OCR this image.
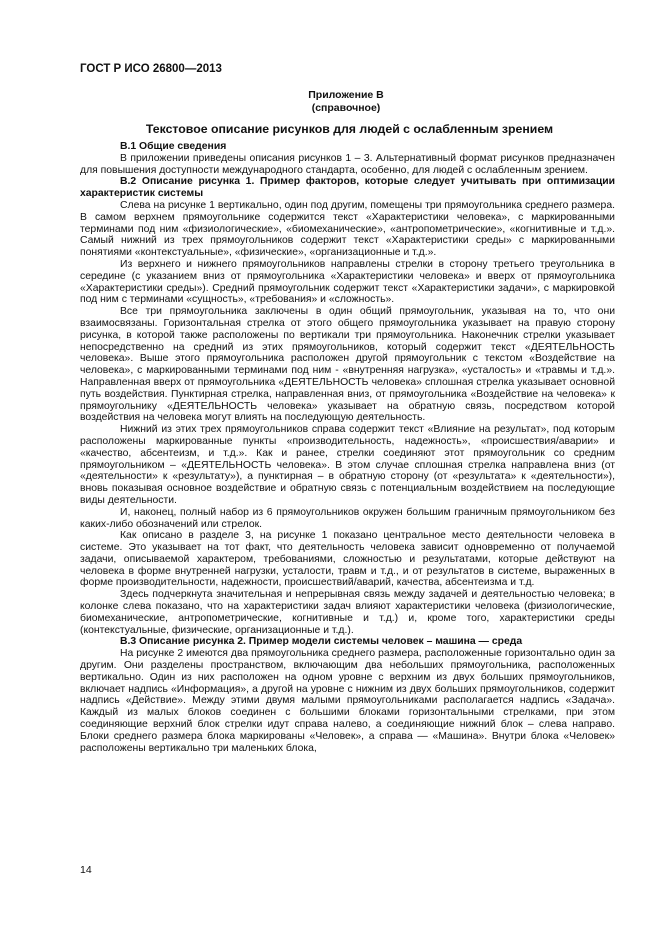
ГОСТ Р ИСО 26800—2013
Приложение В
(справочное)
Текстовое описание рисунков для людей с ослабленным зрением
В.1 Общие сведения

В приложении приведены описания рисунков 1 – 3. Альтернативный формат рисунков предназначен для повышения доступности международного стандарта, особенно, для людей с ослабленным зрением.

В.2 Описание рисунка 1. Пример факторов, которые следует учитывать при оптимизации характеристик системы

Слева на рисунке 1 вертикально, один под другим, помещены три прямоугольника среднего размера. В самом верхнем прямоугольнике содержится текст «Характеристики человека», с маркированными терминами под ним «физиологические», «биомеханические», «антропометрические», «когнитивные и т.д.». Самый нижний из трех прямоугольников содержит текст «Характеристики среды» с маркированными понятиями «контекстуальные», «физические», «организационные и т.д.».

Из верхнего и нижнего прямоугольников направлены стрелки в сторону третьего треугольника в середине (с указанием вниз от прямоугольника «Характеристики человека» и вверх от прямоугольника «Характеристики среды»). Средний прямоугольник содержит текст «Характеристики задачи», с маркировкой под ним с терминами «сущность», «требования» и «сложность».

Все три прямоугольника заключены в один общий прямоугольник, указывая на то, что они взаимосвязаны. Горизонтальная стрелка от этого общего прямоугольника указывает на правую сторону рисунка, в которой также расположены по вертикали три прямоугольника. Наконечник стрелки указывает непосредственно на средний из этих прямоугольников, который содержит текст «ДЕЯТЕЛЬНОСТЬ человека». Выше этого прямоугольника расположен другой прямоугольник с текстом «Воздействие на человека», с маркированными терминами под ним - «внутренняя нагрузка», «усталость» и «травмы и т.д.». Направленная вверх от прямоугольника «ДЕЯТЕЛЬНОСТЬ человека» сплошная стрелка указывает основной путь воздействия. Пунктирная стрелка, направленная вниз, от прямоугольника «Воздействие на человека» к прямоугольнику «ДЕЯТЕЛЬНОСТЬ человека» указывает на обратную связь, посредством которой воздействия на человека могут влиять на последующую деятельность.

Нижний из этих трех прямоугольников справа содержит текст «Влияние на результат», под которым расположены маркированные пункты «производительность, надежность», «происшествия/аварии» и «качество, абсентеизм, и т.д.». Как и ранее, стрелки соединяют этот прямоугольник со средним прямоугольником – «ДЕЯТЕЛЬНОСТЬ человека». В этом случае сплошная стрелка направлена вниз (от «деятельности» к «результату»), а пунктирная – в обратную сторону (от «результата» к «деятельности»), вновь показывая основное воздействие и обратную связь с потенциальным воздействием на последующие виды деятельности.

И, наконец, полный набор из 6 прямоугольников окружен большим граничным прямоугольником без каких-либо обозначений или стрелок.

Как описано в разделе 3, на рисунке 1 показано центральное место деятельности человека в системе. Это указывает на тот факт, что деятельность человека зависит одновременно от получаемой задачи, описываемой характером, требованиями, сложностью и результатами, которые действуют на человека в форме внутренней нагрузки, усталости, травм и т.д., и от результатов в системе, выраженных в форме производительности, надежности, происшествий/аварий, качества, абсентеизма и т.д.

Здесь подчеркнута значительная и непрерывная связь между задачей и деятельностью человека; в колонке слева показано, что на характеристики задач влияют характеристики человека (физиологические, биомеханические, антропометрические, когнитивные и т.д.) и, кроме того, характеристики среды (контекстуальные, физические, организационные и т.д.).

В.3 Описание рисунка 2. Пример модели системы человек – машина — среда

На рисунке 2 имеются два прямоугольника среднего размера, расположенные горизонтально один за другим. Они разделены пространством, включающим два небольших прямоугольника, расположенных вертикально. Один из них расположен на одном уровне с верхним из двух больших прямоугольников, включает надпись «Информация», а другой на уровне с нижним из двух больших прямоугольников, содержит надпись «Действие». Между этими двумя малыми прямоугольниками располагается надпись «Задача». Каждый из малых блоков соединен с большими блоками горизонтальными стрелками, при этом соединяющие верхний блок стрелки идут справа налево, а соединяющие нижний блок – слева направо. Блоки среднего размера блока маркированы «Человек», а справа — «Машина». Внутри блока «Человек» расположены вертикально три маленьких блока,

14
